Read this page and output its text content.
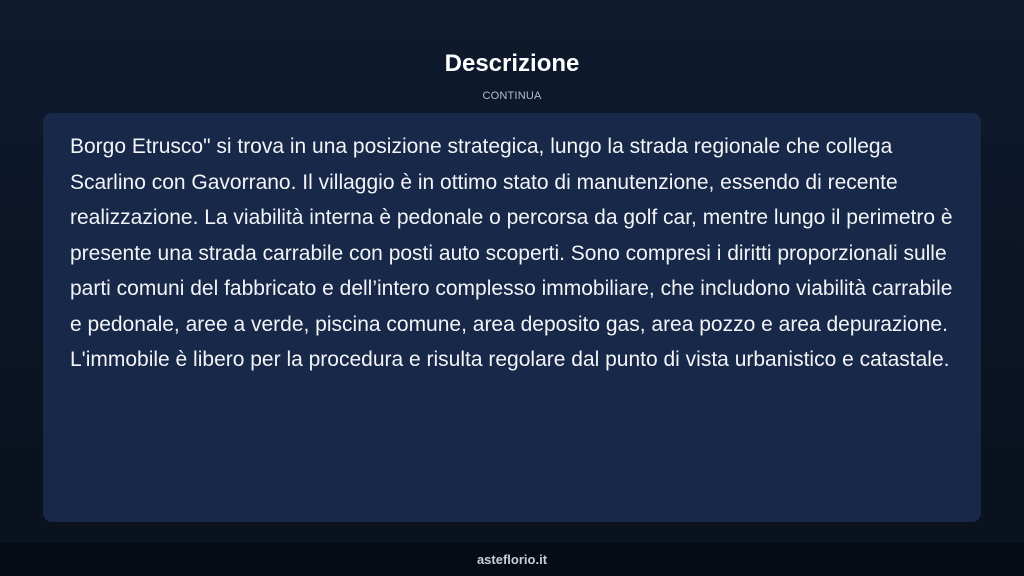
Descrizione
CONTINUA

Borgo Etrusco" si trova in una posizione strategica, lungo la strada regionale che collega Scarlino con Gavorrano. Il villaggio è in ottimo stato di manutenzione, essendo di recente realizzazione. La viabilità interna è pedonale o percorsa da golf car, mentre lungo il perimetro è presente una strada carrabile con posti auto scoperti. Sono compresi i diritti proporzionali sulle parti comuni del fabbricato e dell’intero complesso immobiliare, che includono viabilità carrabile e pedonale, aree a verde, piscina comune, area deposito gas, area pozzo e area depurazione. L'immobile è libero per la procedura e risulta regolare dal punto di vista urbanistico e catastale.

asteflorio.it
